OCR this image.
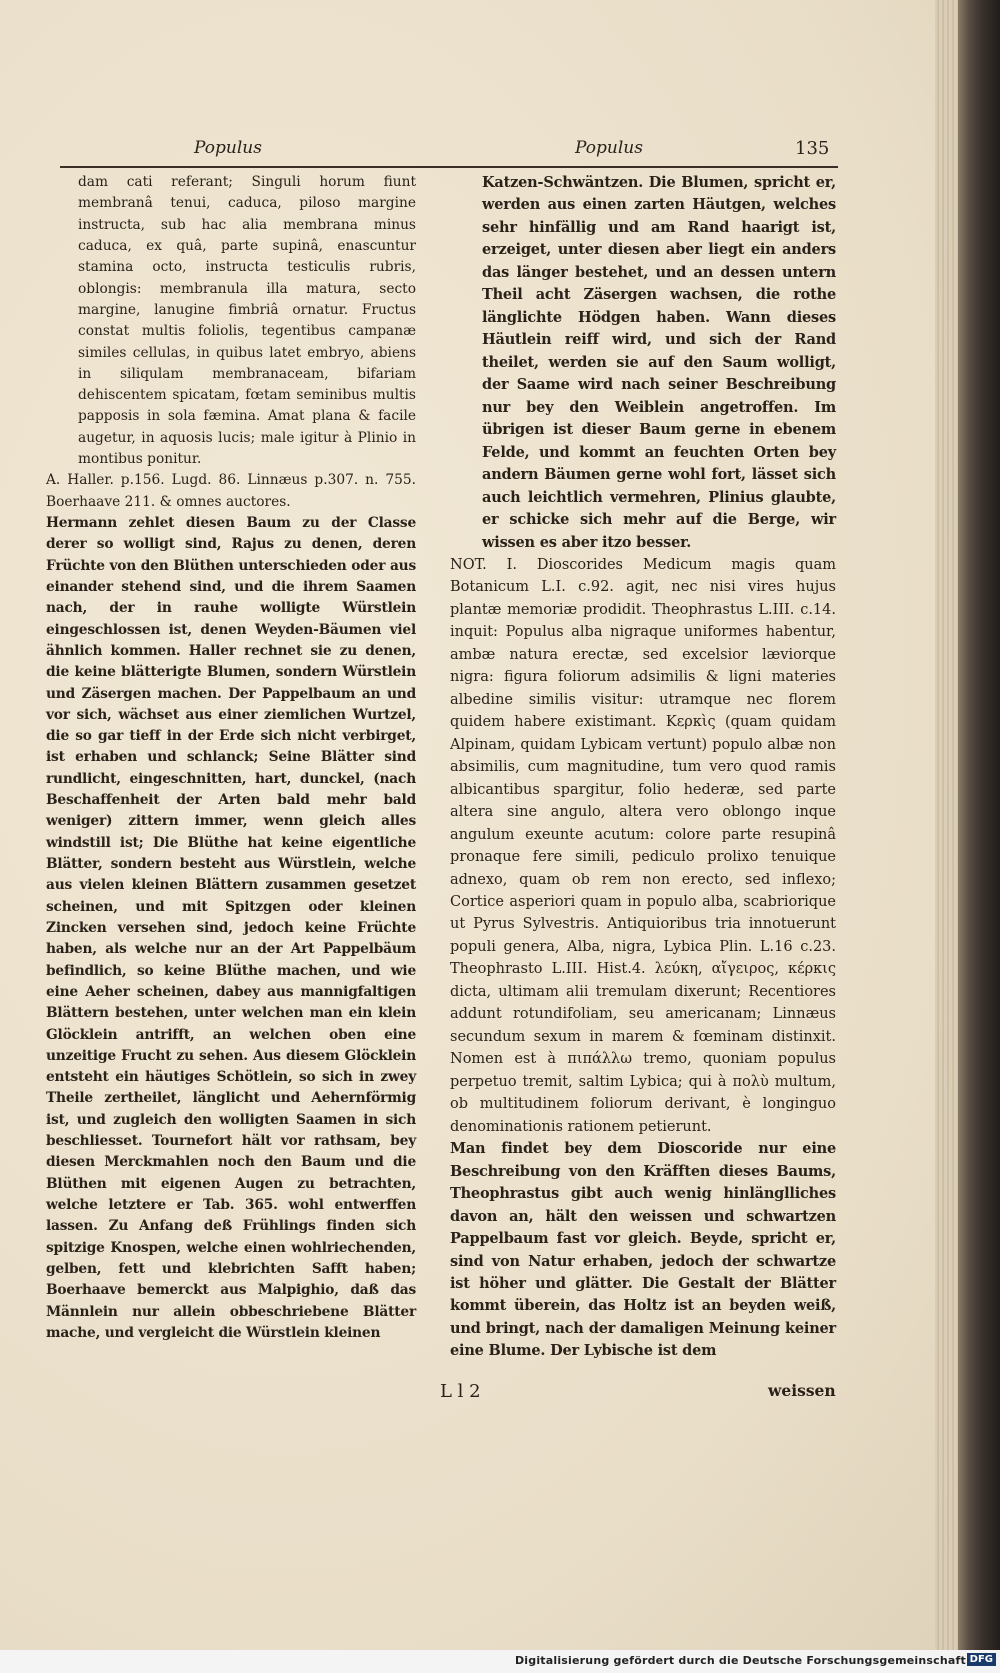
Populus	Populus	135

dam cati referant; Singuli horum fiunt membranâ tenui, caduca, piloso margine instructa, sub hac alia membrana minus caduca, ex quâ, parte supinâ, enascuntur stamina octo, instructa testiculis rubris, oblongis: membranula illa matura, secto margine, lanugine fimbriâ ornatur. Fructus constat multis foliolis, tegentibus campanæ similes cellulas, in quibus latet embryo, abiens in siliqulam membranaceam, bifariam dehiscentem spicatam, fœtam seminibus multis papposis in sola fæmina. Amat plana & facile augetur, in aquosis lucis; male igitur à Plinio in montibus ponitur.

A. Haller. p.156. Lugd. 86. Linnæus p.307. n. 755. Boerhaave 211. & omnes auctores.

Hermann zehlet diesen Baum zu der Classe derer so wolligt sind, Rajus zu denen, deren Früchte von den Blüthen unterschieden oder aus einander stehend sind, und die ihrem Saamen nach, der in rauhe wolligte Würstlein eingeschlossen ist, denen Weyden-Bäumen viel ähnlich kommen. Haller rechnet sie zu denen, die keine blätterigte Blumen, sondern Würstlein und Zäsergen machen. Der Pappelbaum an und vor sich, wächset aus einer ziemlichen Wurtzel, die so gar tieff in der Erde sich nicht verbirget, ist erhaben und schlanck; Seine Blätter sind rundlicht, eingeschnitten, hart, dunckel, (nach Beschaffenheit der Arten bald mehr bald weniger) zittern immer, wenn gleich alles windstill ist; Die Blüthe hat keine eigentliche Blätter, sondern besteht aus Würstlein, welche aus vielen kleinen Blättern zusammen gesetzet scheinen, und mit Spitzgen oder kleinen Zincken versehen sind, jedoch keine Früchte haben, als welche nur an der Art Pappelbäum befindlich, so keine Blüthe machen, und wie eine Aeher scheinen, dabey aus mannigfaltigen Blättern bestehen, unter welchen man ein klein Glöcklein antrifft, an welchen oben eine unzeitige Frucht zu sehen. Aus diesem Glöcklein entsteht ein häutiges Schötlein, so sich in zwey Theile zertheilet, länglicht und Aehernförmig ist, und zugleich den wolligten Saamen in sich beschliesset. Tournefort hält vor rathsam, bey diesen Merckmahlen noch den Baum und die Blüthen mit eigenen Augen zu betrachten, welche letztere er Tab. 365. wohl entwerffen lassen. Zu Anfang deß Frühlings finden sich spitzige Knospen, welche einen wohlriechenden, gelben, fett und klebrichten Safft haben; Boerhaave bemerckt aus Malpighio, daß das Männlein nur allein obbeschriebene Blätter mache, und vergleicht die Würstlein kleinen

Katzen-Schwäntzen. Die Blumen, spricht er, werden aus einen zarten Häutgen, welches sehr hinfällig und am Rand haarigt ist, erzeiget, unter diesen aber liegt ein anders das länger bestehet, und an dessen untern Theil acht Zäsergen wachsen, die rothe länglichte Hödgen haben. Wann dieses Häutlein reiff wird, und sich der Rand theilet, werden sie auf den Saum wolligt, der Saame wird nach seiner Beschreibung nur bey den Weiblein angetroffen. Im übrigen ist dieser Baum gerne in ebenem Felde, und kommt an feuchten Orten bey andern Bäumen gerne wohl fort, lässet sich auch leichtlich vermehren, Plinius glaubte, er schicke sich mehr auf die Berge, wir wissen es aber itzo besser.

NOT. I. Dioscorides Medicum magis quam Botanicum L.I. c.92. agit, nec nisi vires hujus plantæ memoriæ prodidit. Theophrastus L.III. c.14. inquit: Populus alba nigraque uniformes habentur, ambæ natura erectæ, sed excelsior læviorque nigra: figura foliorum adsimilis & ligni materies albedine similis visitur: utramque nec florem quidem habere existimant. Κερκὶς (quam quidam Alpinam, quidam Lybicam vertunt) populo albæ non absimilis, cum magnitudine, tum vero quod ramis albicantibus spargitur, folio hederæ, sed parte altera sine angulo, altera vero oblongo inque angulum exeunte acutum: colore parte resupinâ pronaque fere simili, pediculo prolixo tenuique adnexo, quam ob rem non erecto, sed inflexo; Cortice asperiori quam in populo alba, scabriorique ut Pyrus Sylvestris. Antiquioribus tria innotuerunt populi genera, Alba, nigra, Lybica Plin. L.16 c.23. Theophrasto L.III. Hist.4. λεύκη, αἴγειρος, κέρκις dicta, ultimam alii tremulam dixerunt; Recentiores addunt rotundifoliam, seu americanam; Linnæus secundum sexum in marem & fœminam distinxit. Nomen est à πιπάλλω tremo, quoniam populus perpetuo tremit, saltim Lybica; qui à πολὺ multum, ob multitudinem foliorum derivant, è longinguo denominationis rationem petierunt.

Man findet bey dem Dioscoride nur eine Beschreibung von den Kräfften dieses Baums, Theophrastus gibt auch wenig hinlänglliches davon an, hält den weissen und schwartzen Pappelbaum fast vor gleich. Beyde, spricht er, sind von Natur erhaben, jedoch der schwartze ist höher und glätter. Die Gestalt der Blätter kommt überein, das Holtz ist an beyden weiß, und bringt, nach der damaligen Meinung keiner eine Blume. Der Lybische ist dem

L l 2	weissen
Digitalisierung gefördert durch die Deutsche Forschungsgemeinschaft DFG
